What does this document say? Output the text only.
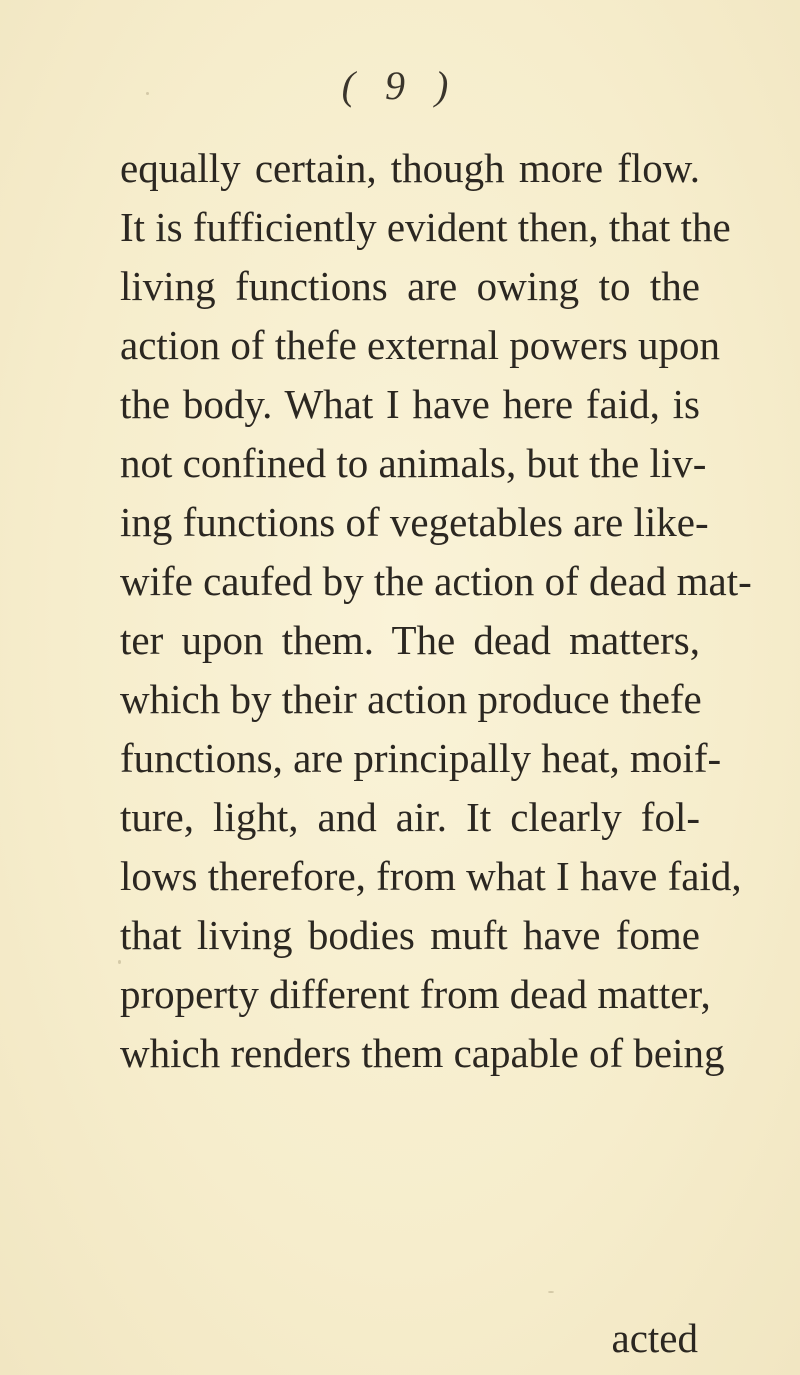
( 9 )
equally certain, though more flow.
It is fufficiently evident then, that the
living functions are owing to the
action of thefe external powers upon
the body. What I have here faid, is
not confined to animals, but the liv-
ing functions of vegetables are like-
wife caufed by the action of dead mat-
ter upon them. The dead matters,
which by their action produce thefe
functions, are principally heat, moif-
ture, light, and air. It clearly fol-
lows therefore, from what I have faid,
that living bodies muft have fome
property different from dead matter,
which renders them capable of being
acted
